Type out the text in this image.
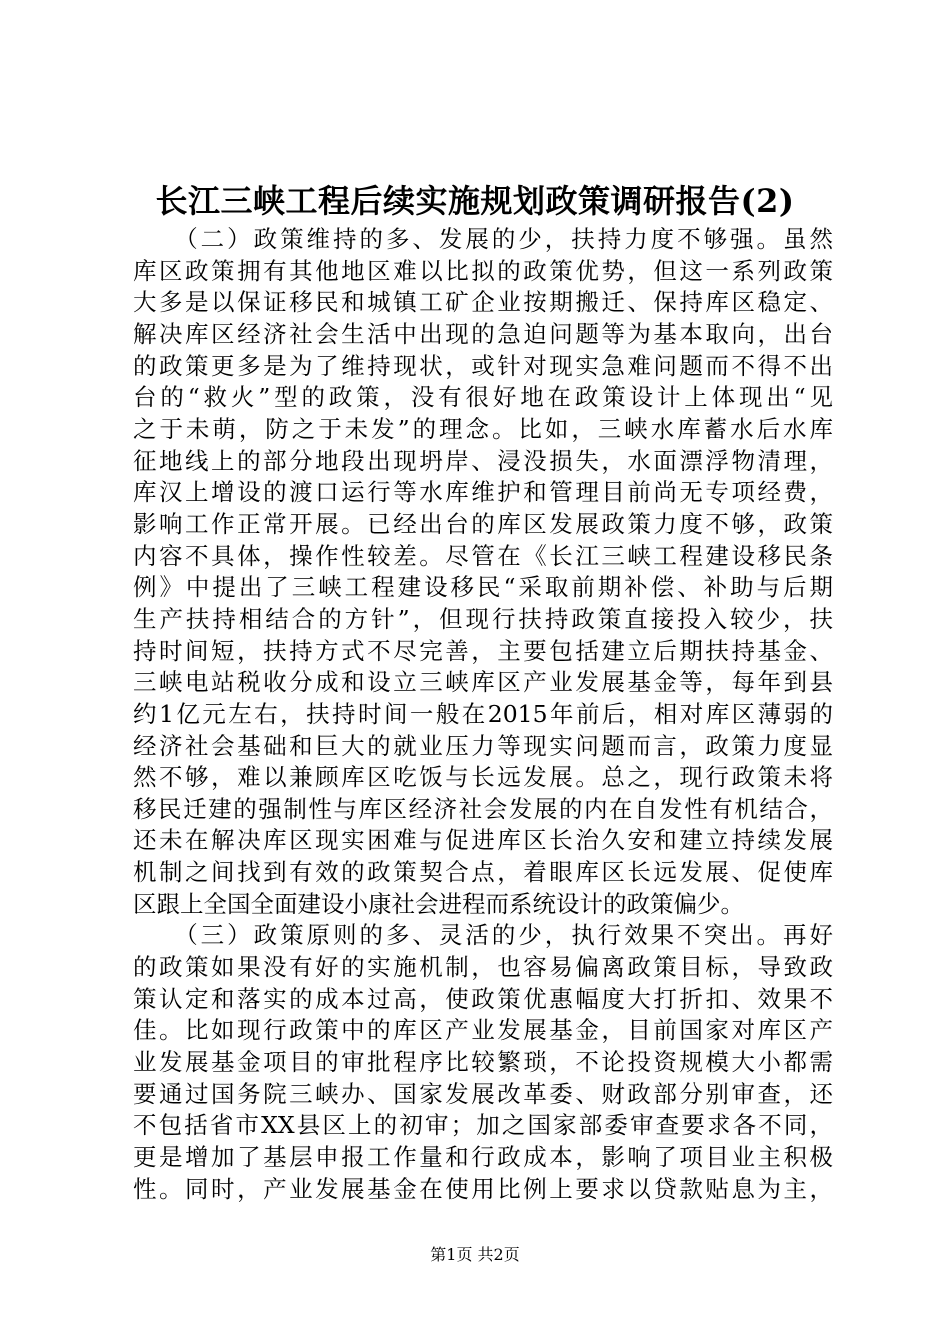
长江三峡工程后续实施规划政策调研报告(2)
　　（二）政策维持的多、发展的少，扶持力度不够强。虽然
库区政策拥有其他地区难以比拟的政策优势，但这一系列政策
大多是以保证移民和城镇工矿企业按期搬迁、保持库区稳定、
解决库区经济社会生活中出现的急迫问题等为基本取向，出台
的政策更多是为了维持现状，或针对现实急难问题而不得不出
台的“救火”型的政策，没有很好地在政策设计上体现出“见
之于未萌，防之于未发”的理念。比如，三峡水库蓄水后水库
征地线上的部分地段出现坍岸、浸没损失，水面漂浮物清理，
库汉上增设的渡口运行等水库维护和管理目前尚无专项经费，
影响工作正常开展。已经出台的库区发展政策力度不够，政策
内容不具体，操作性较差。尽管在《长江三峡工程建设移民条
例》中提出了三峡工程建设移民“采取前期补偿、补助与后期
生产扶持相结合的方针”，但现行扶持政策直接投入较少，扶
持时间短，扶持方式不尽完善，主要包括建立后期扶持基金、
三峡电站税收分成和设立三峡库区产业发展基金等，每年到县
约1亿元左右，扶持时间一般在2015年前后，相对库区薄弱的
经济社会基础和巨大的就业压力等现实问题而言，政策力度显
然不够，难以兼顾库区吃饭与长远发展。总之，现行政策未将
移民迁建的强制性与库区经济社会发展的内在自发性有机结合，
还未在解决库区现实困难与促进库区长治久安和建立持续发展
机制之间找到有效的政策契合点，着眼库区长远发展、促使库
区跟上全国全面建设小康社会进程而系统设计的政策偏少。
　　（三）政策原则的多、灵活的少，执行效果不突出。再好
的政策如果没有好的实施机制，也容易偏离政策目标，导致政
策认定和落实的成本过高，使政策优惠幅度大打折扣、效果不
佳。比如现行政策中的库区产业发展基金，目前国家对库区产
业发展基金项目的审批程序比较繁琐，不论投资规模大小都需
要通过国务院三峡办、国家发展改革委、财政部分别审查，还
不包括省市XX县区上的初审；加之国家部委审查要求各不同，
更是增加了基层申报工作量和行政成本，影响了项目业主积极
性。同时，产业发展基金在使用比例上要求以贷款贴息为主，
第1页 共2页
